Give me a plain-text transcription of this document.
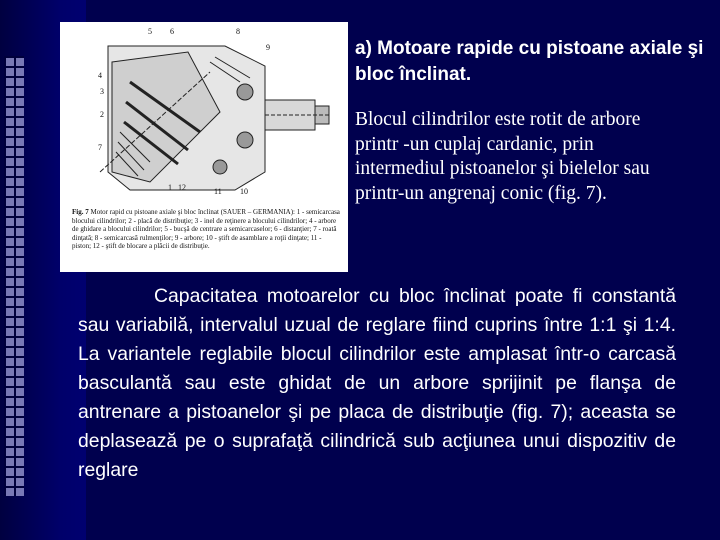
5 6	8
9
4
3
2
7
1 12	11 10

Fig. 7 Motor rapid cu pistoane axiale şi bloc înclinat (SAUER – GERMANIA): 1 - semicarcasa blocului cilindrilor; 2 - placă de distribuţie; 3 - inel de reţinere a blocului cilindrilor; 4 - arbore de ghidare a blocului cilindrilor; 5 - bucşă de centrare a semicarcaselor; 6 - distanţier; 7 - roată dinţată; 8 - semicarcasă rulmenţilor; 9 - arbore; 10 - ştift de asamblare a roţii dinţate; 11 - piston; 12 - ştift de blocare a plăcii de distribuţie.

a) Motoare rapide cu pistoane axiale şi bloc înclinat.

Blocul cilindrilor este rotit de arbore printr -un cuplaj cardanic, prin intermediul pistoanelor şi bielelor sau printr-un angrenaj conic (fig. 7).

Capacitatea motoarelor cu bloc înclinat poate fi constantă sau variabilă, intervalul uzual de reglare fiind cuprins între 1:1 şi 1:4. La variantele reglabile blocul cilindrilor este amplasat într-o carcasă basculantă sau este ghidat de un arbore sprijinit pe flanşa de antrenare a pistoanelor şi pe placa de distribuţie (fig. 7); aceasta se deplasează pe o suprafaţă cilindrică sub acţiunea unui dispozitiv de reglare
